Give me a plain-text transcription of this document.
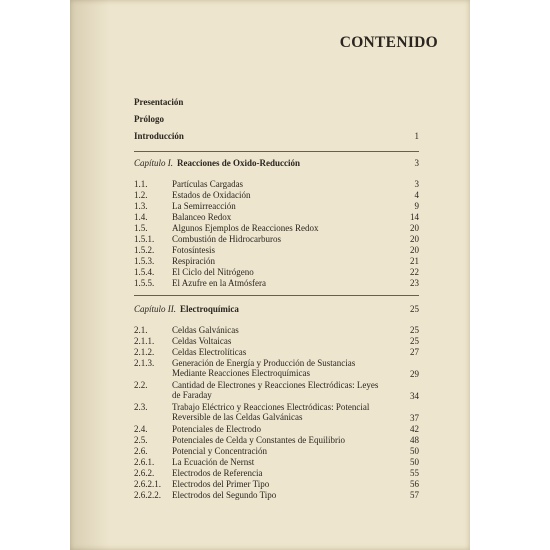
CONTENIDO
Presentación
Prólogo
Introducción	1
Capítulo I. Reacciones de Oxido-Reducción	3
1.1.	Partículas Cargadas	3
1.2.	Estados de Oxidación	4
1.3.	La Semirreacción	9
1.4.	Balanceo Redox	14
1.5.	Algunos Ejemplos de Reacciones Redox	20
1.5.1. Combustión de Hidrocarburos	20
1.5.2. Fotosíntesis	20
1.5.3. Respiración	21
1.5.4. El Ciclo del Nitrógeno	22
1.5.5. El Azufre en la Atmósfera	23
Capítulo II. Electroquímica	25
2.1.	Celdas Galvánicas	25
2.1.1. Celdas Voltaicas	25
2.1.2. Celdas Electrolíticas	27
2.1.3. Generación de Energía y Producción de Sustancias
Mediante Reacciones Electroquímicas	29
2.2.	Cantidad de Electrones y Reacciones Electródicas: Leyes
de Faraday	34
2.3.	Trabajo Eléctrico y Reacciones Electródicas: Potencial
Reversible de las Celdas Galvánicas	37
2.4.	Potenciales de Electrodo	42
2.5.	Potenciales de Celda y Constantes de Equilibrio	48
2.6.	Potencial y Concentración	50
2.6.1. La Ecuación de Nernst	50
2.6.2. Electrodos de Referencia	55
2.6.2.1. Electrodos del Primer Tipo	56
2.6.2.2. Electrodos del Segundo Tipo	57
